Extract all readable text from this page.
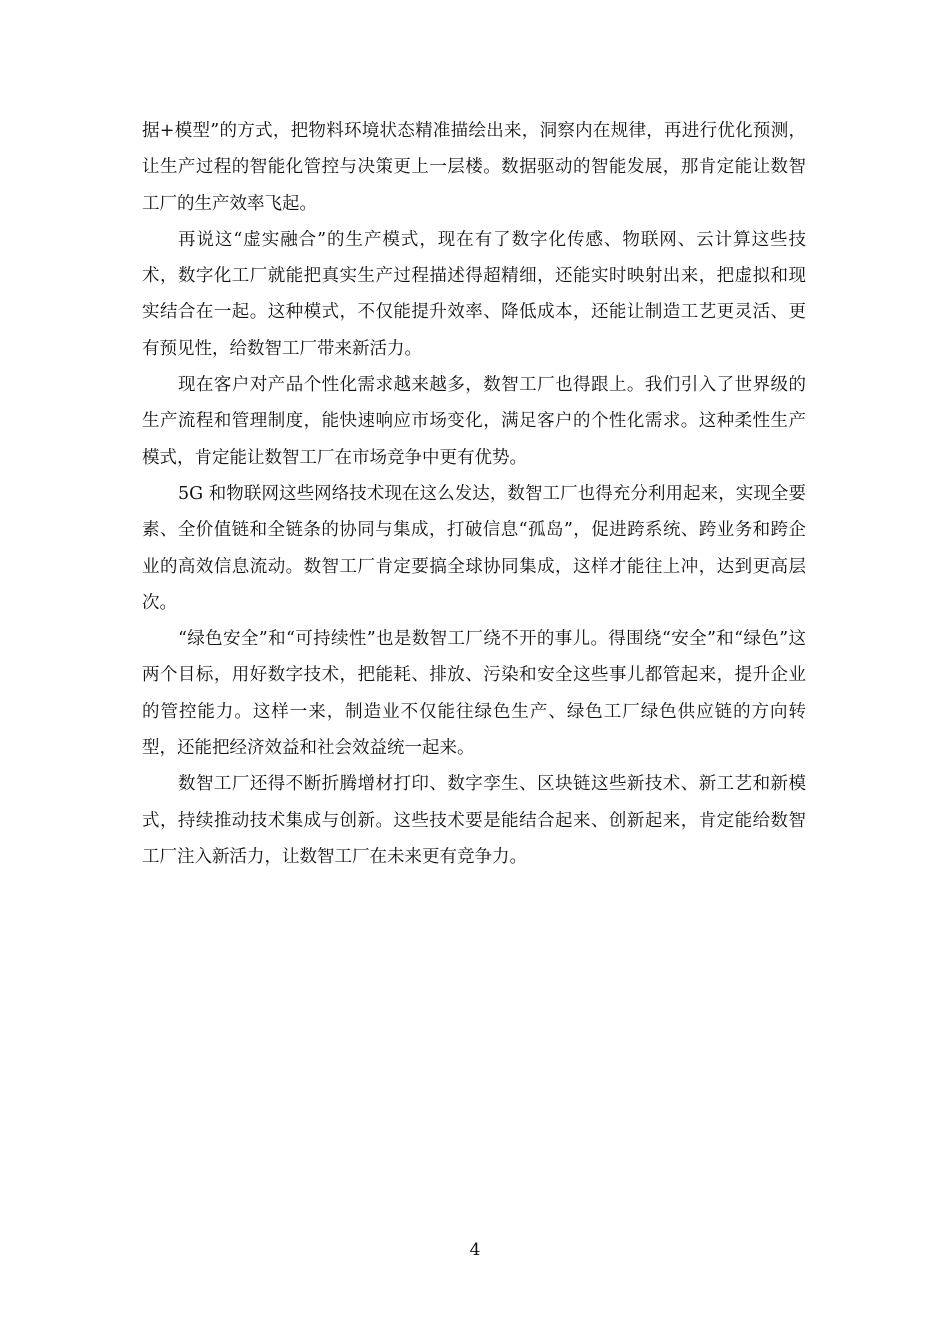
据+模型”的方式，把物料环境状态精准描绘出来，洞察内在规律，再进行优化预测，让生产过程的智能化管控与决策更上一层楼。数据驱动的智能发展，那肯定能让数智工厂的生产效率飞起。

再说这“虚实融合”的生产模式，现在有了数字化传感、物联网、云计算这些技术，数字化工厂就能把真实生产过程描述得超精细，还能实时映射出来，把虚拟和现实结合在一起。这种模式，不仅能提升效率、降低成本，还能让制造工艺更灵活、更有预见性，给数智工厂带来新活力。

现在客户对产品个性化需求越来越多，数智工厂也得跟上。我们引入了世界级的生产流程和管理制度，能快速响应市场变化，满足客户的个性化需求。这种柔性生产模式，肯定能让数智工厂在市场竞争中更有优势。

5G 和物联网这些网络技术现在这么发达，数智工厂也得充分利用起来，实现全要素、全价值链和全链条的协同与集成，打破信息“孤岛”，促进跨系统、跨业务和跨企业的高效信息流动。数智工厂肯定要搞全球协同集成，这样才能往上冲，达到更高层次。

“绿色安全”和“可持续性”也是数智工厂绕不开的事儿。得围绕“安全”和“绿色”这两个目标，用好数字技术，把能耗、排放、污染和安全这些事儿都管起来，提升企业的管控能力。这样一来，制造业不仅能往绿色生产、绿色工厂绿色供应链的方向转型，还能把经济效益和社会效益统一起来。

数智工厂还得不断折腾增材打印、数字孪生、区块链这些新技术、新工艺和新模式，持续推动技术集成与创新。这些技术要是能结合起来、创新起来，肯定能给数智工厂注入新活力，让数智工厂在未来更有竞争力。

4
